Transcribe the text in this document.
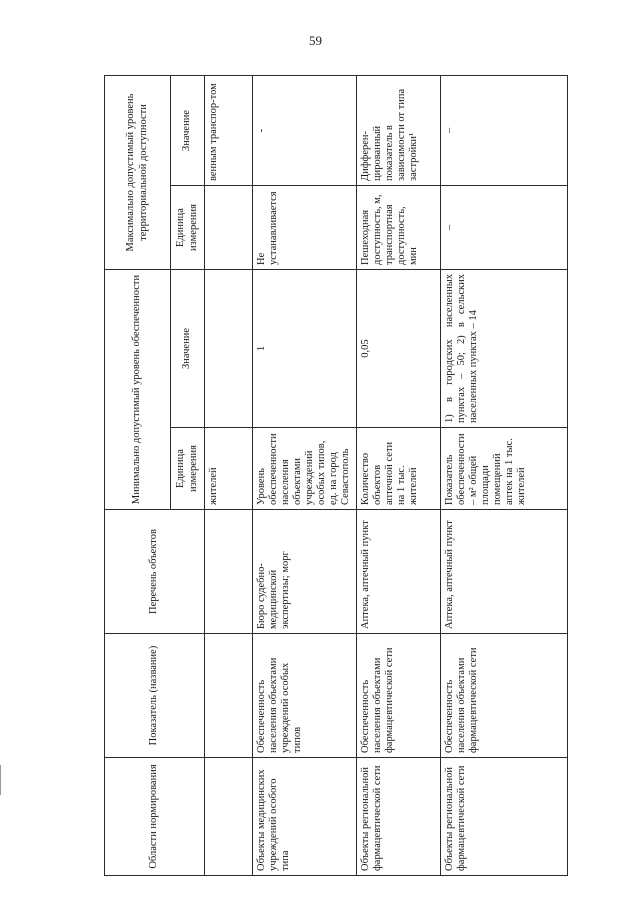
59
Области нормирования	Показатель (название)	Перечень объектов	Минимально допустимый уровень обеспеченности		Максимально допустимый уровень территориальной доступности	
			Единица измерения	Значение	Единица измерения	Значение
			жителей			венным транспор-том
Объекты медицинских учреждений особого типа	Обеспеченность населения объектами учреждений особых типов	Бюро судебно-медицинской экспертизы; морг	Уровень обеспеченности населения объектами учреждений особых типов, ед. на город Севастополь	1	Не устанавливается	-
Объекты региональной фармацевтической сети	Обеспеченность населения объектами фармацевтической сети	Аптека, аптечный пункт	Количество объектов аптечной сети на 1 тыс. жителей	0,05	Пешеходная доступность, м, транспортная доступность, мин	Дифферен-цированный показатель в зависимости от типа застройки¹
Объекты региональной фармацевтической сети	Обеспеченность населения объектами фармацевтической сети	Аптека, аптечный пункт	Показатель обеспеченности – м² общей площади помещений аптек на 1 тыс. жителей	1) в городских населенных пунктах – 50; 2) в сельских населенных пунктах – 14	–	–
